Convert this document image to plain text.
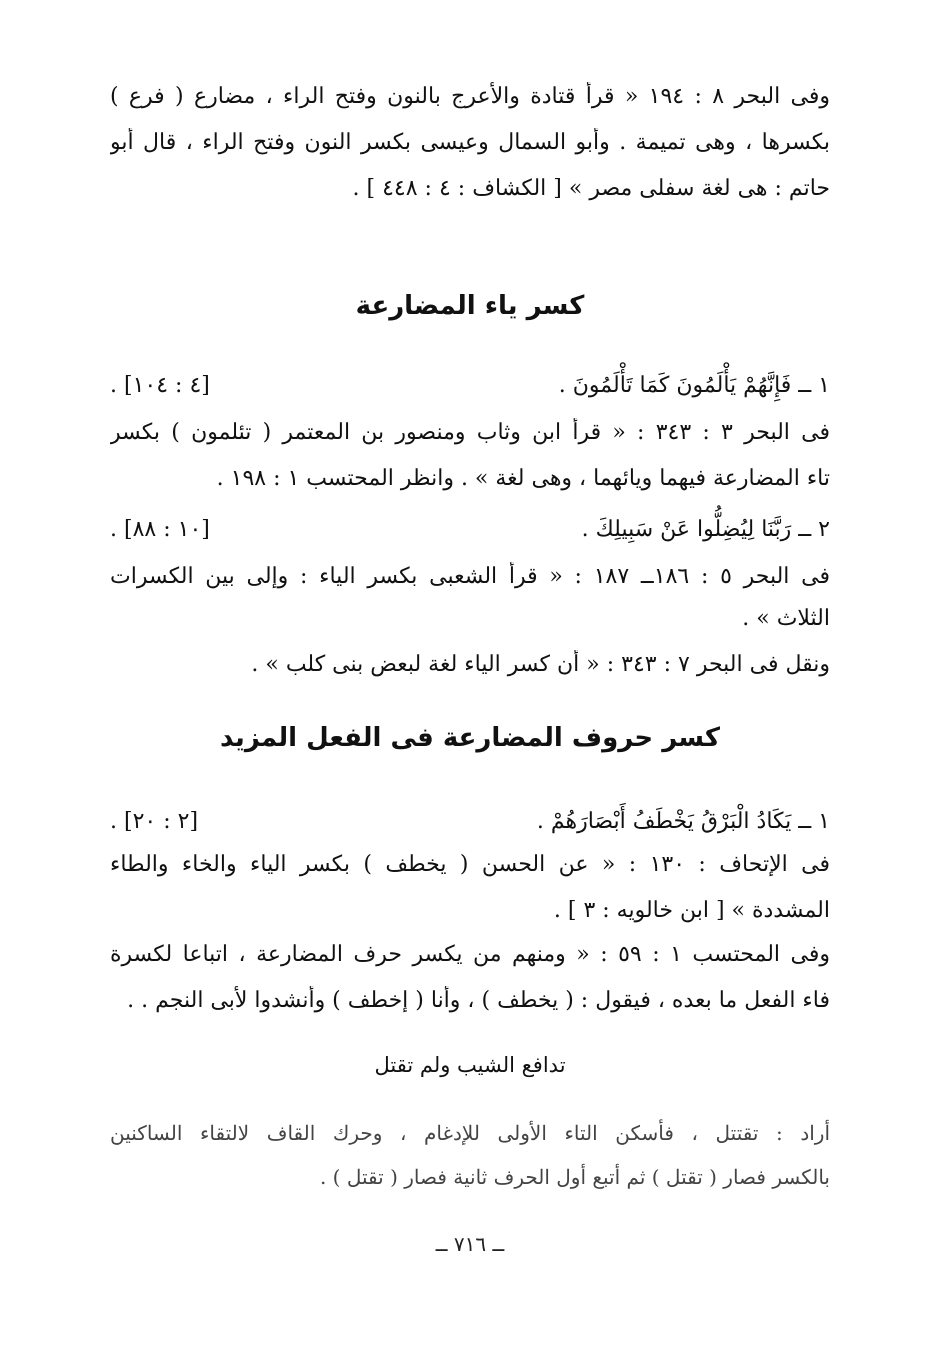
وفى البحر ٨ : ١٩٤ « قرأ قتادة والأعرج بالنون وفتح الراء ، مضارع ( فرع )
بكسرها ، وهى تميمة . وأبو السمال وعيسى بكسر النون وفتح الراء ، قال أبو
حاتم : هى لغة سفلى مصر » [ الكشاف : ٤ : ٤٤٨ ] .
كسر ياء المضارعة
١ ــ فَإِنَّهُمْ يَأْلَمُونَ كَمَا تَأْلَمُونَ .
. [٤ : ١٠٤]
فى البحر ٣ : ٣٤٣ : « قرأ ابن وثاب ومنصور بن المعتمر ( تئلمون ) بكسر
تاء المضارعة فيهما ويائهما ، وهى لغة » . وانظر المحتسب ١ : ١٩٨ .
٢ ــ رَبَّنَا لِيُضِلُّوا عَنْ سَبِيلِكَ .
. [١٠ : ٨٨]
فى البحر ٥ : ١٨٦ــ ١٨٧ : « قرأ الشعبى بكسر الياء : وإلى بين الكسرات
الثلاث » .
ونقل فى البحر ٧ : ٣٤٣ : « أن كسر الياء لغة لبعض بنى كلب » .
كسر حروف المضارعة فى الفعل المزيد
١ ــ يَكَادُ الْبَرْقُ يَخْطَفُ أَبْصَارَهُمْ .
. [٢ : ٢٠]
فى الإتحاف : ١٣٠ : « عن الحسن ( يخطف ) بكسر الياء والخاء والطاء
المشددة » [ ابن خالويه : ٣ ] .
وفى المحتسب ١ : ٥٩ : « ومنهم من يكسر حرف المضارعة ، اتباعا لكسرة
فاء الفعل ما بعده ، فيقول : ( يخطف ) ، وأنا ( إخطف ) وأنشدوا لأبى النجم . .
تدافع الشيب ولم تقتل
أراد : تقتتل ، فأسكن التاء الأولى للإدغام ، وحرك القاف لالتقاء الساكنين
بالكسر فصار ( تقتل ) ثم أتبع أول الحرف ثانية فصار ( تقتل ) .
ــ ٧١٦ ــ
